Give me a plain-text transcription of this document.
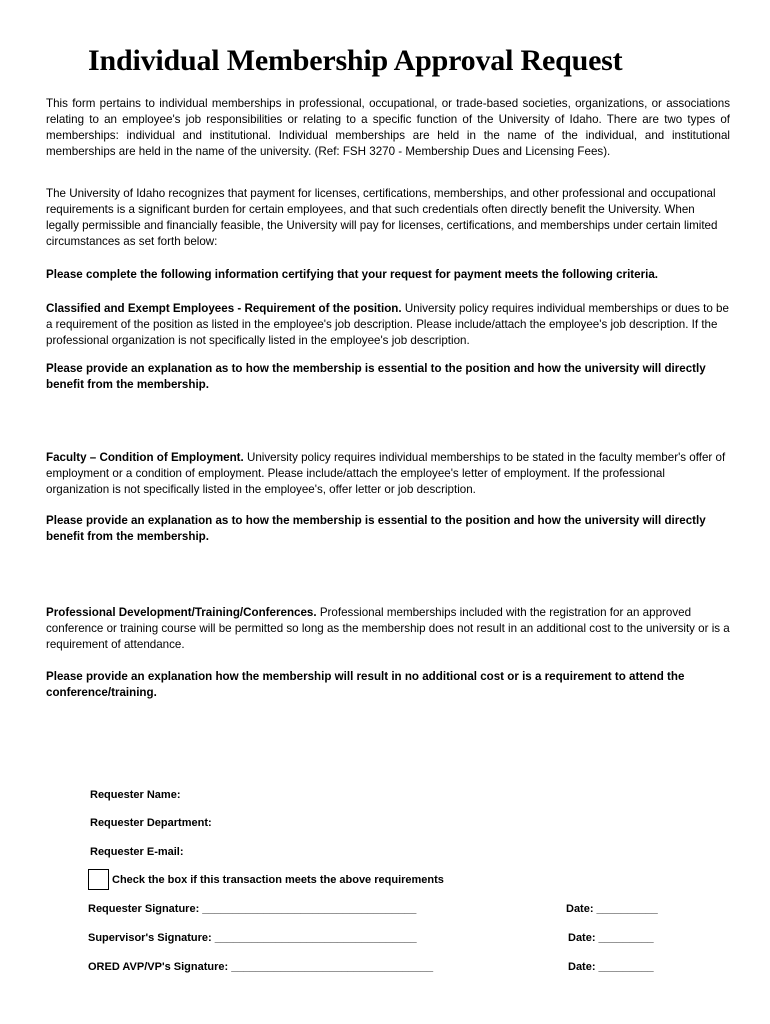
Individual Membership Approval Request
This form pertains to individual memberships in professional, occupational, or trade-based societies, organizations, or associations relating to an employee's job responsibilities or relating to a specific function of the University of Idaho. There are two types of memberships: individual and institutional. Individual memberships are held in the name of the individual, and institutional memberships are held in the name of the university. (Ref: FSH 3270 - Membership Dues and Licensing Fees).
The University of Idaho recognizes that payment for licenses, certifications, memberships, and other professional and occupational requirements is a significant burden for certain employees, and that such credentials often directly benefit the University. When legally permissible and financially feasible, the University will pay for licenses, certifications, and memberships under certain limited circumstances as set forth below:
Please complete the following information certifying that your request for payment meets the following criteria.
Classified and Exempt Employees - Requirement of the position. University policy requires individual memberships or dues to be a requirement of the position as listed in the employee's job description. Please include/attach the employee's job description. If the professional organization is not specifically listed in the employee's job description.
Please provide an explanation as to how the membership is essential to the position and how the university will directly benefit from the membership.
Faculty – Condition of Employment. University policy requires individual memberships to be stated in the faculty member's offer of employment or a condition of employment. Please include/attach the employee's letter of employment. If the professional organization is not specifically listed in the employee's, offer letter or job description.
Please provide an explanation as to how the membership is essential to the position and how the university will directly benefit from the membership.
Professional Development/Training/Conferences. Professional memberships included with the registration for an approved conference or training course will be permitted so long as the membership does not result in an additional cost to the university or is a requirement of attendance.
Please provide an explanation how the membership will result in no additional cost or is a requirement to attend the conference/training.
Requester Name:
Requester Department:
Requester E-mail:
Check the box if this transaction meets the above requirements
Requester Signature: ___________________________________	Date: __________
Supervisor's Signature: _________________________________	Date: _________
ORED AVP/VP's Signature: _________________________________	Date: _________
